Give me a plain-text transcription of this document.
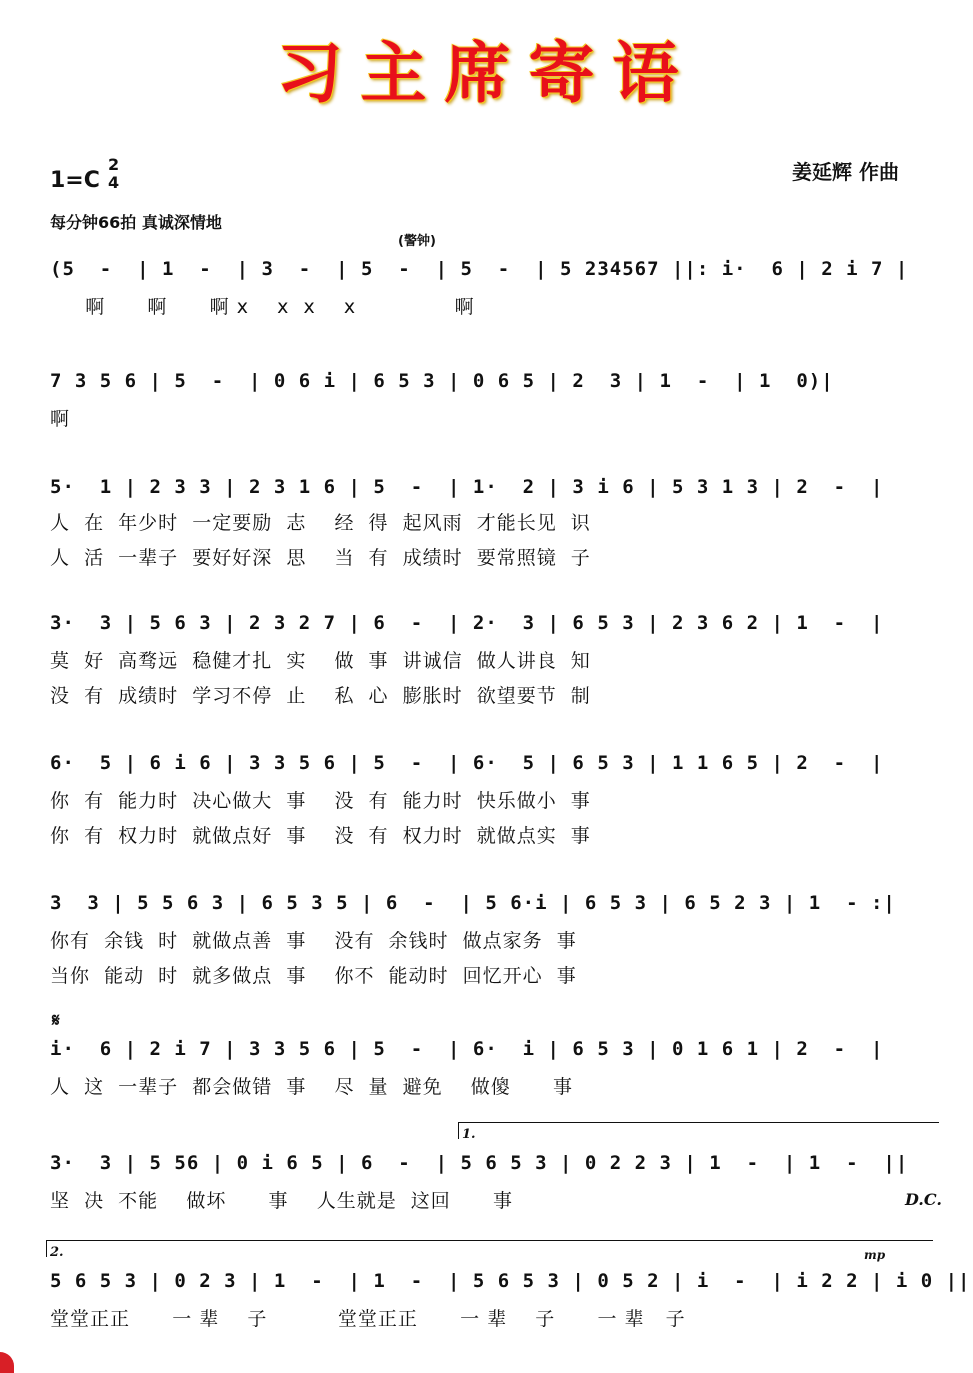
习主席寄语
1=C
2
4	姜延辉 作曲
每分钟66拍 真诚深情地
(警钟)
(5  -  | 1  -  | 3  -  | 5  -  | 5  -  | 5 234567 ||: i·  6 | 2 i 7 |
啊      啊      啊 x    x  x    x              啊
7 3 5 6 | 5  -  | 0 6 i | 6 5 3 | 0 6 5 | 2  3 | 1  -  | 1  0)|
啊
5·  1 | 2 3 3 | 2 3 1 6 | 5  -  | 1·  2 | 3 i 6 | 5 3 1 3 | 2  -  |
人  在  年少时  一定要励  志    经  得  起风雨  才能长见  识
人  活  一辈子  要好好深  思    当  有  成绩时  要常照镜  子
3·  3 | 5 6 3 | 2 3 2 7 | 6  -  | 2·  3 | 6 5 3 | 2 3 6 2 | 1  -  |
莫  好  高骛远  稳健才扎  实    做  事  讲诚信  做人讲良  知
没  有  成绩时  学习不停  止    私  心  膨胀时  欲望要节  制
6·  5 | 6 i 6 | 3 3 5 6 | 5  -  | 6·  5 | 6 5 3 | 1 1 6 5 | 2  -  |
你  有  能力时  决心做大  事    没  有  能力时  快乐做小  事
你  有  权力时  就做点好  事    没  有  权力时  就做点实  事
3  3 | 5 5 6 3 | 6 5 3 5 | 6  -  | 5 6·i | 6 5 3 | 6 5 2 3 | 1  - :|
你有  余钱  时  就做点善  事    没有  余钱时  做点家务  事
当你  能动  时  就多做点  事    你不  能动时  回忆开心  事
𝄋
i·  6 | 2 i 7 | 3 3 5 6 | 5  -  | 6·  i | 6 5 3 | 0 1 6 1 | 2  -  |
人  这  一辈子  都会做错  事    尽  量  避免    做傻      事
1.
3·  3 | 5 56 | 0 i 6 5 | 6  -  | 5 6 5 3 | 0 2 2 3 | 1  -  | 1  -  ||
坚  决  不能    做坏      事    人生就是  这回      事	D.C.
2.	mp
5 6 5 3 | 0 2 3 | 1  -  | 1  -  | 5 6 5 3 | 0 5 2 | i  -  | i 2 2 | i 0 ||
堂堂正正      一 辈    子          堂堂正正      一 辈    子      一 辈   子
